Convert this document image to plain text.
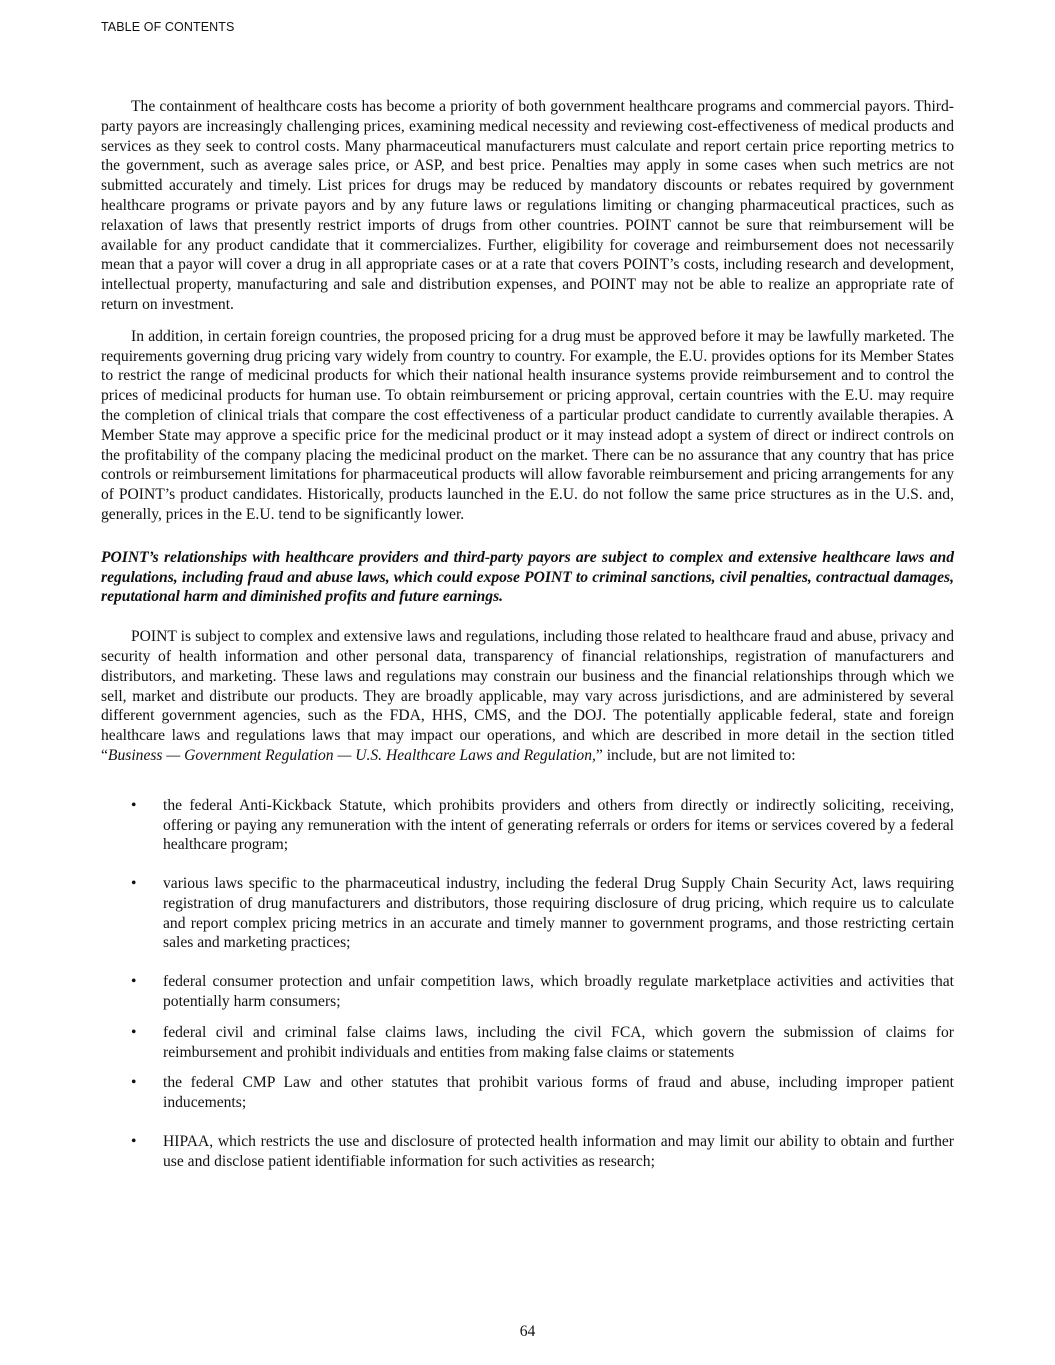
TABLE OF CONTENTS

The containment of healthcare costs has become a priority of both government healthcare programs and commercial payors. Third-party payors are increasingly challenging prices, examining medical necessity and reviewing cost-effectiveness of medical products and services as they seek to control costs. Many pharmaceutical manufacturers must calculate and report certain price reporting metrics to the government, such as average sales price, or ASP, and best price. Penalties may apply in some cases when such metrics are not submitted accurately and timely. List prices for drugs may be reduced by mandatory discounts or rebates required by government healthcare programs or private payors and by any future laws or regulations limiting or changing pharmaceutical practices, such as relaxation of laws that presently restrict imports of drugs from other countries. POINT cannot be sure that reimbursement will be available for any product candidate that it commercializes. Further, eligibility for coverage and reimbursement does not necessarily mean that a payor will cover a drug in all appropriate cases or at a rate that covers POINT’s costs, including research and development, intellectual property, manufacturing and sale and distribution expenses, and POINT may not be able to realize an appropriate rate of return on investment.

In addition, in certain foreign countries, the proposed pricing for a drug must be approved before it may be lawfully marketed. The requirements governing drug pricing vary widely from country to country. For example, the E.U. provides options for its Member States to restrict the range of medicinal products for which their national health insurance systems provide reimbursement and to control the prices of medicinal products for human use. To obtain reimbursement or pricing approval, certain countries with the E.U. may require the completion of clinical trials that compare the cost effectiveness of a particular product candidate to currently available therapies. A Member State may approve a specific price for the medicinal product or it may instead adopt a system of direct or indirect controls on the profitability of the company placing the medicinal product on the market. There can be no assurance that any country that has price controls or reimbursement limitations for pharmaceutical products will allow favorable reimbursement and pricing arrangements for any of POINT’s product candidates. Historically, products launched in the E.U. do not follow the same price structures as in the U.S. and, generally, prices in the E.U. tend to be significantly lower.

POINT’s relationships with healthcare providers and third-party payors are subject to complex and extensive healthcare laws and regulations, including fraud and abuse laws, which could expose POINT to criminal sanctions, civil penalties, contractual damages, reputational harm and diminished profits and future earnings.

POINT is subject to complex and extensive laws and regulations, including those related to healthcare fraud and abuse, privacy and security of health information and other personal data, transparency of financial relationships, registration of manufacturers and distributors, and marketing. These laws and regulations may constrain our business and the financial relationships through which we sell, market and distribute our products. They are broadly applicable, may vary across jurisdictions, and are administered by several different government agencies, such as the FDA, HHS, CMS, and the DOJ. The potentially applicable federal, state and foreign healthcare laws and regulations laws that may impact our operations, and which are described in more detail in the section titled “Business — Government Regulation — U.S. Healthcare Laws and Regulation,” include, but are not limited to:

• the federal Anti-Kickback Statute, which prohibits providers and others from directly or indirectly soliciting, receiving, offering or paying any remuneration with the intent of generating referrals or orders for items or services covered by a federal healthcare program;
• various laws specific to the pharmaceutical industry, including the federal Drug Supply Chain Security Act, laws requiring registration of drug manufacturers and distributors, those requiring disclosure of drug pricing, which require us to calculate and report complex pricing metrics in an accurate and timely manner to government programs, and those restricting certain sales and marketing practices;
• federal consumer protection and unfair competition laws, which broadly regulate marketplace activities and activities that potentially harm consumers;
• federal civil and criminal false claims laws, including the civil FCA, which govern the submission of claims for reimbursement and prohibit individuals and entities from making false claims or statements
• the federal CMP Law and other statutes that prohibit various forms of fraud and abuse, including improper patient inducements;
• HIPAA, which restricts the use and disclosure of protected health information and may limit our ability to obtain and further use and disclose patient identifiable information for such activities as research;
64
